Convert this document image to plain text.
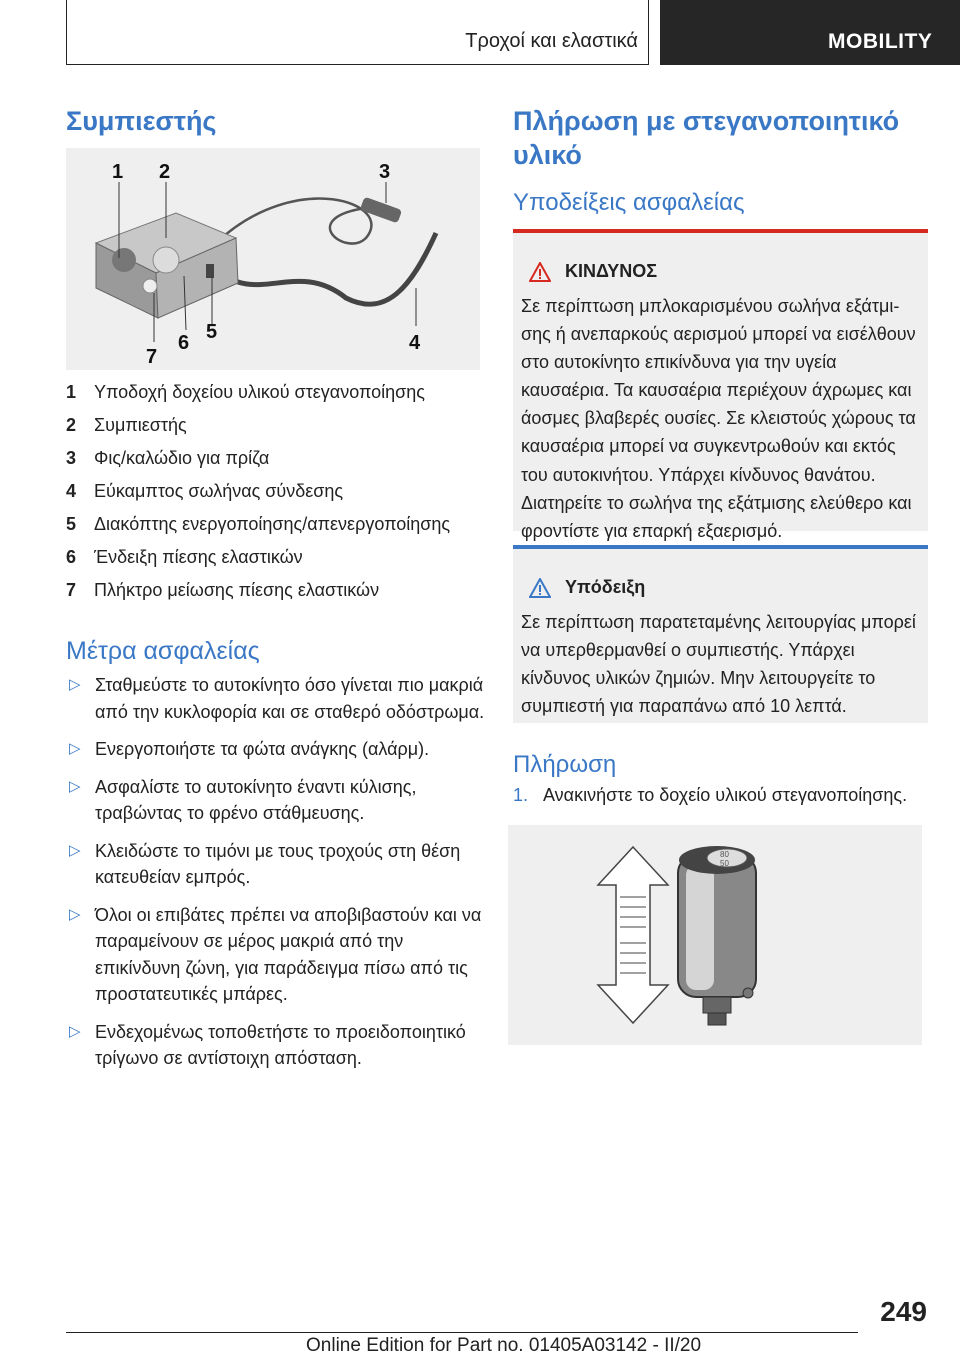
Τροχοί και ελαστικά	MOBILITY
Συμπιεστής
1 2	3
4
5
6
7
1 Υποδοχή δοχείου υλικού στεγανοποίησης
2 Συμπιεστής
3 Φις/καλώδιο για πρίζα
4 Εύκαμπτος σωλήνας σύνδεσης
5 Διακόπτης ενεργοποίησης/απενεργοποίησης
6 Ένδειξη πίεσης ελαστικών
7 Πλήκτρο μείωσης πίεσης ελαστικών
Μέτρα ασφαλείας
▷ Σταθμεύστε το αυτοκίνητο όσο γίνεται πιο μακριά από την κυκλοφορία και σε σταθερό οδόστρωμα.
▷ Ενεργοποιήστε τα φώτα ανάγκης (αλάρμ).
▷ Ασφαλίστε το αυτοκίνητο έναντι κύλισης, τραβώντας το φρένο στάθμευσης.
▷ Κλειδώστε το τιμόνι με τους τροχούς στη θέση κατευθείαν εμπρός.
▷ Όλοι οι επιβάτες πρέπει να αποβιβαστούν και να παραμείνουν σε μέρος μακριά από την επικίνδυνη ζώνη, για παράδειγμα πίσω από τις προστατευτικές μπάρες.
▷ Ενδεχομένως τοποθετήστε το προειδοποιητικό τρίγωνο σε αντίστοιχη απόσταση.
Πλήρωση με στεγανοποιητικό υλικό
Υποδείξεις ασφαλείας
ΚΙΝΔΥΝΟΣ
Σε περίπτωση μπλοκαρισμένου σωλήνα εξάτμισης ή ανεπαρκούς αερισμού μπορεί να εισέλθουν στο αυτοκίνητο επικίνδυνα για την υγεία καυσαέρια. Τα καυσαέρια περιέχουν άχρωμες και άοσμες βλαβερές ουσίες. Σε κλειστούς χώρους τα καυσαέρια μπορεί να συγκεντρωθούν και εκτός του αυτοκινήτου. Υπάρχει κίνδυνος θανάτου. Διατηρείτε το σωλήνα της εξάτμισης ελεύθερο και φροντίστε για επαρκή εξαερισμό.
Υπόδειξη
Σε περίπτωση παρατεταμένης λειτουργίας μπορεί να υπερθερμανθεί ο συμπιεστής. Υπάρχει κίνδυνος υλικών ζημιών. Μην λειτουργείτε το συμπιεστή για παραπάνω από 10 λεπτά.
Πλήρωση
1. Ανακινήστε το δοχείο υλικού στεγανοποίησης.
80
50
249
Online Edition for Part no. 01405A03142 - II/20
